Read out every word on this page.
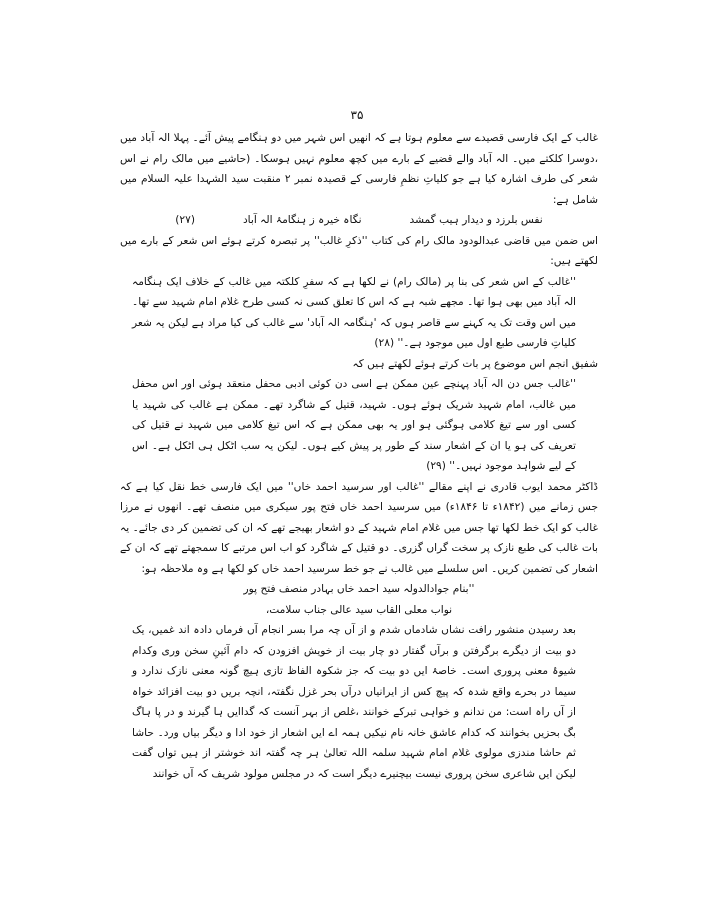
۳۵

غالب کے ایک فارسی قصیدے سے معلوم ہوتا ہے کہ انھیں اس شہر میں دو ہنگامے پیش آئے۔ پہلا الہ آباد میں ،دوسرا کلکتے میں۔ الہ آباد والے قضیے کے بارے میں کچھ معلوم نہیں ہوسکا۔ (حاشیے میں مالک رام نے اس شعر کی طرف اشارہ کیا ہے جو کلیاتِ نظمِ فارسی کے قصیدہ نمبر ۲ منقبت سید الشہدا علیہ السلام میں شامل ہے:

نفس بلرزد و دیدار ہیب گمشد
نگاہ خیرہ ز ہنگامۂ الہ آباد
(۲۷)

اس ضمن میں قاضی عبدالودود مالک رام کی کتاب ''ذکرِ غالب'' پر تبصرہ کرتے ہوئے اس شعر کے بارے میں لکھتے ہیں:

''غالب کے اس شعر کی بنا پر (مالک رام) نے لکھا ہے کہ سفرِ کلکتہ میں غالب کے خلاف ایک ہنگامہ الہ آباد میں بھی ہوا تھا۔ مجھے شبہ ہے کہ اس کا تعلق کسی نہ کسی طرح غلام امام شہید سے تھا۔ میں اس وقت تک یہ کہنے سے قاصر ہوں کہ 'ہنگامہ الہ آباد' سے غالب کی کیا مراد ہے لیکن یہ شعر کلیاتِ فارسی طبع اول میں موجود ہے۔'' (۲۸)

شفیق انجم اس موضوع پر بات کرتے ہوئے لکھتے ہیں کہ

''غالب جس دن الہ آباد پہنچے عین ممکن ہے اسی دن کوئی ادبی محفل منعقد ہوئی اور اس محفل میں غالب، امام شہید شریک ہوئے ہوں۔ شہید، قتیل کے شاگرد تھے۔ ممکن ہے غالب کی شہید یا کسی اور سے تیغ کلامی ہوگئی ہو اور یہ بھی ممکن ہے کہ اس تیغ کلامی میں شہید نے قتیل کی تعریف کی ہو یا ان کے اشعار سند کے طور پر پیش کیے ہوں۔ لیکن یہ سب اٹکل ہی اٹکل ہے۔ اس کے لیے شواہد موجود نہیں۔'' (۲۹)

ڈاکٹر محمد ایوب قادری نے اپنے مقالے ''غالب اور سرسید احمد خاں'' میں ایک فارسی خط نقل کیا ہے کہ جس زمانے میں (۱۸۴۲ء تا ۱۸۴۶ء) میں سرسید احمد خاں فتح پور سیکری میں منصف تھے۔ انھوں نے مرزا غالب کو ایک خط لکھا تھا جس میں غلام امام شہید کے دو اشعار بھیجے تھے کہ ان کی تضمین کر دی جائے۔ یہ بات غالب کی طبع نازک پر سخت گراں گزری۔ دو قتیل کے شاگرد کو اب اس مرتبے کا سمجھتے تھے کہ ان کے اشعار کی تضمین کریں۔ اس سلسلے میں غالب نے جو خط سرسید احمد خاں کو لکھا ہے وہ ملاحظہ ہو:

''بنام جوادالدولہ سید احمد خاں بہادر منصف فتح پور

نواب معلی القاب سید عالی جناب سلامت،

بعد رسیدن منشور رافت نشاں شادماں شدم و از آں چہ مرا بسر انجام آں فرماں دادہ اند غمیں، یک دو بیت از دیگرے برگرفتن و برآں گفتار دو چار بیت از خویش افزودن کہ دام آئینِ سخن وری وکدام شیوۂ معنی پروری است۔ خاصۂ ایں دو بیت کہ جز شکوہ الفاظ تازی ہیچ گونہ معنی نازک ندارد و سیما در بحرے واقع شدہ کہ پیچ کس از ایرانیاں درآں بحر غزل نگفتہ، انچہ بریں دو بیت افزائد خواہ از آں راہ است: من ندانم و خواہی تبرکے خوانند ،غلص از بہر آنست کہ گداایں ہا گیرند و در پا ہاگ بگ بحزیں بخوانند کہ کدام عاشق خانہ نام نیکیں ہمہ اے ایں اشعار از خود ادا و دیگر بیاں ورد۔ حاشا ثم حاشا مندزی مولوی غلام امام شہید سلمہ اللہ تعالیٰ ہر چہ گفتہ اند خوشتر از ہیں تواں گفت لیکن ایں شاعری سخن پروری نیست بیچنیرے دیگر است کہ در مجلس مولود شریف کہ آں خوانند
